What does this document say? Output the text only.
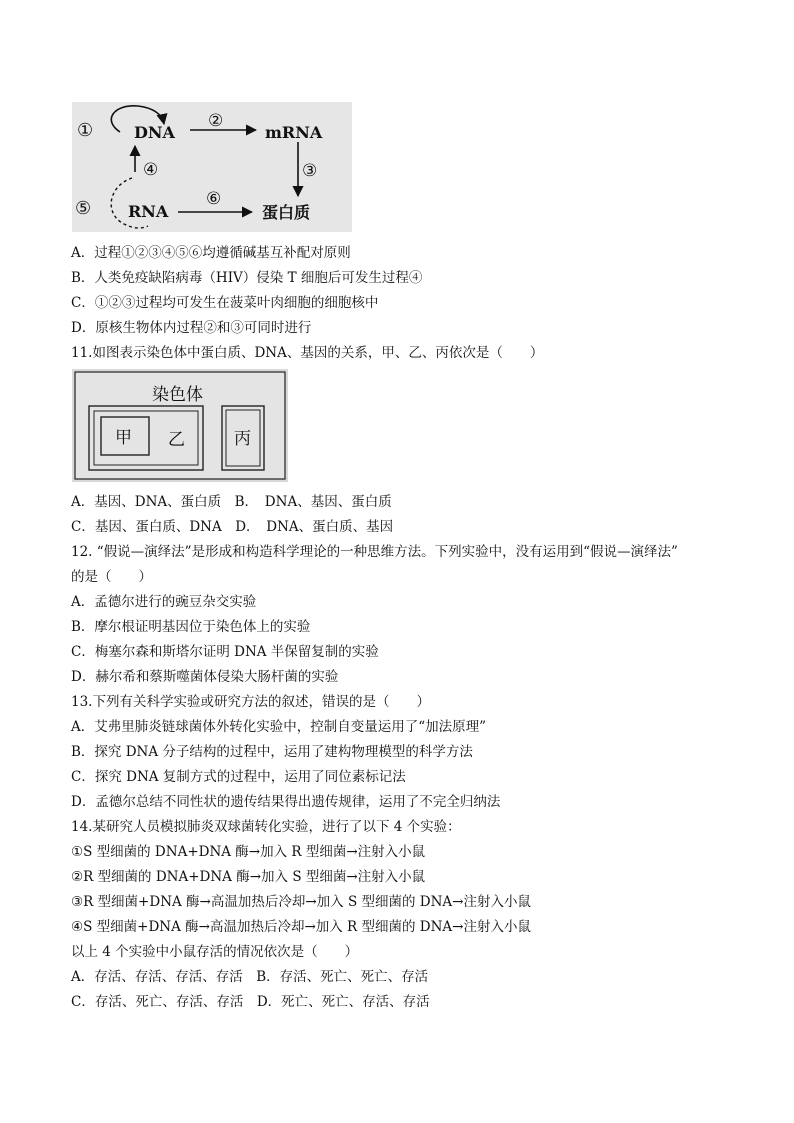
①	DNA
②
mRNA
③
④
⑤ RNA
⑥
蛋白质
A．过程①②③④⑤⑥均遵循碱基互补配对原则
B．人类免疫缺陷病毒（HIV）侵染 T 细胞后可发生过程④
C．①②③过程均可发生在菠菜叶肉细胞的细胞核中
D．原核生物体内过程②和③可同时进行
11.如图表示染色体中蛋白质、DNA、基因的关系，甲、乙、丙依次是（　　）
染色体
甲 乙	丙
A．基因、DNA、蛋白质　B．　DNA、基因、蛋白质
C．基因、蛋白质、DNA　D．　DNA、蛋白质、基因
12. “假说—演绎法”是形成和构造科学理论的一种思维方法。下列实验中，没有运用到“假说—演绎法”
的是（　　）
A．孟德尔进行的豌豆杂交实验
B．摩尔根证明基因位于染色体上的实验
C．梅塞尔森和斯塔尔证明 DNA 半保留复制的实验
D．赫尔希和蔡斯噬菌体侵染大肠杆菌的实验
13.下列有关科学实验或研究方法的叙述，错误的是（　　）
A．艾弗里肺炎链球菌体外转化实验中，控制自变量运用了“加法原理”
B．探究 DNA 分子结构的过程中，运用了建构物理模型的科学方法
C．探究 DNA 复制方式的过程中，运用了同位素标记法
D．孟德尔总结不同性状的遗传结果得出遗传规律，运用了不完全归纳法
14.某研究人员模拟肺炎双球菌转化实验，进行了以下 4 个实验：
①S 型细菌的 DNA+DNA 酶→加入 R 型细菌→注射入小鼠
②R 型细菌的 DNA+DNA 酶→加入 S 型细菌→注射入小鼠
③R 型细菌+DNA 酶→高温加热后冷却→加入 S 型细菌的 DNA→注射入小鼠
④S 型细菌+DNA 酶→高温加热后冷却→加入 R 型细菌的 DNA→注射入小鼠
以上 4 个实验中小鼠存活的情况依次是（　　）
A．存活、存活、存活、存活　B．存活、死亡、死亡、存活
C．存活、死亡、存活、存活　D．死亡、死亡、存活、存活
